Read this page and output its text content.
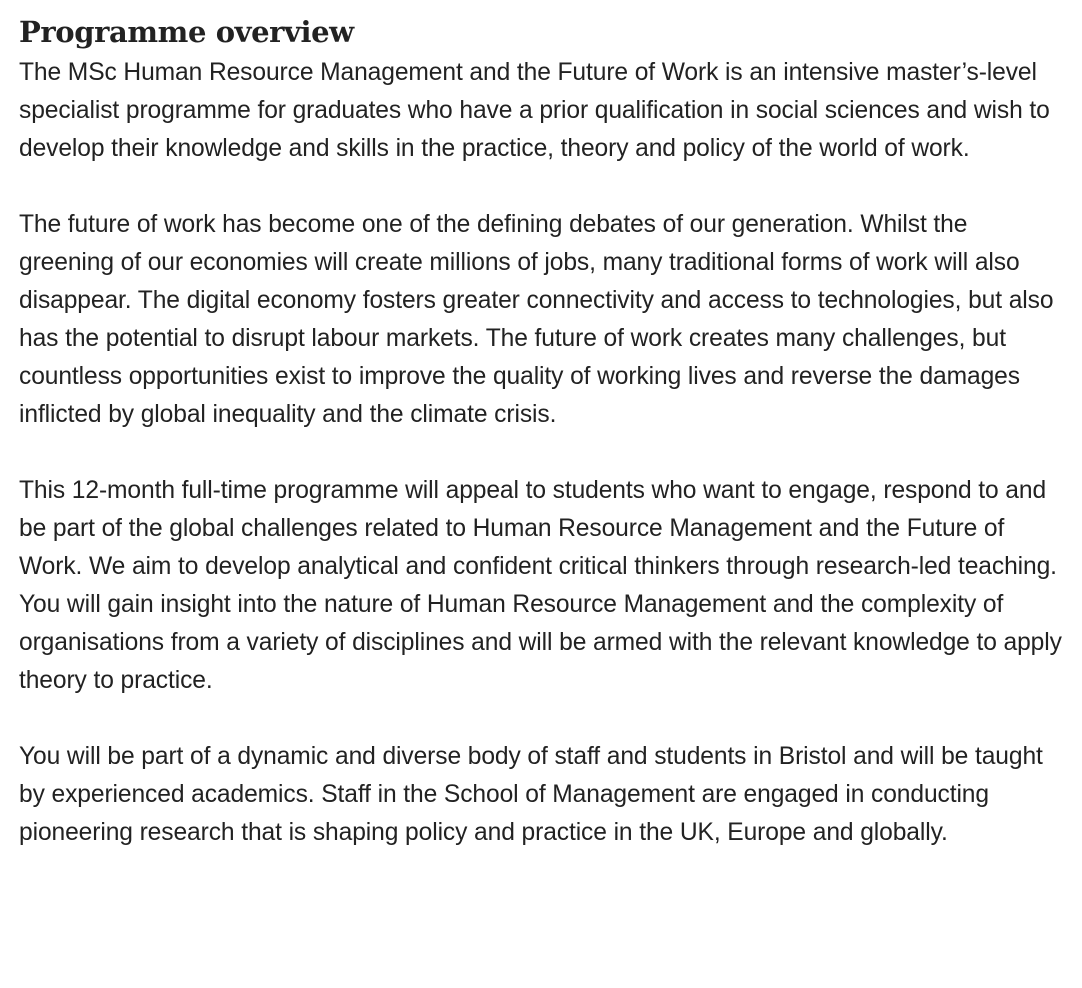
Programme overview

The MSc Human Resource Management and the Future of Work is an intensive master’s-level specialist programme for graduates who have a prior qualification in social sciences and wish to develop their knowledge and skills in the practice, theory and policy of the world of work.

The future of work has become one of the defining debates of our generation. Whilst the greening of our economies will create millions of jobs, many traditional forms of work will also disappear. The digital economy fosters greater connectivity and access to technologies, but also has the potential to disrupt labour markets. The future of work creates many challenges, but countless opportunities exist to improve the quality of working lives and reverse the damages inflicted by global inequality and the climate crisis.

This 12-month full-time programme will appeal to students who want to engage, respond to and be part of the global challenges related to Human Resource Management and the Future of Work. We aim to develop analytical and confident critical thinkers through research-led teaching. You will gain insight into the nature of Human Resource Management and the complexity of organisations from a variety of disciplines and will be armed with the relevant knowledge to apply theory to practice.

You will be part of a dynamic and diverse body of staff and students in Bristol and will be taught by experienced academics. Staff in the School of Management are engaged in conducting pioneering research that is shaping policy and practice in the UK, Europe and globally.
